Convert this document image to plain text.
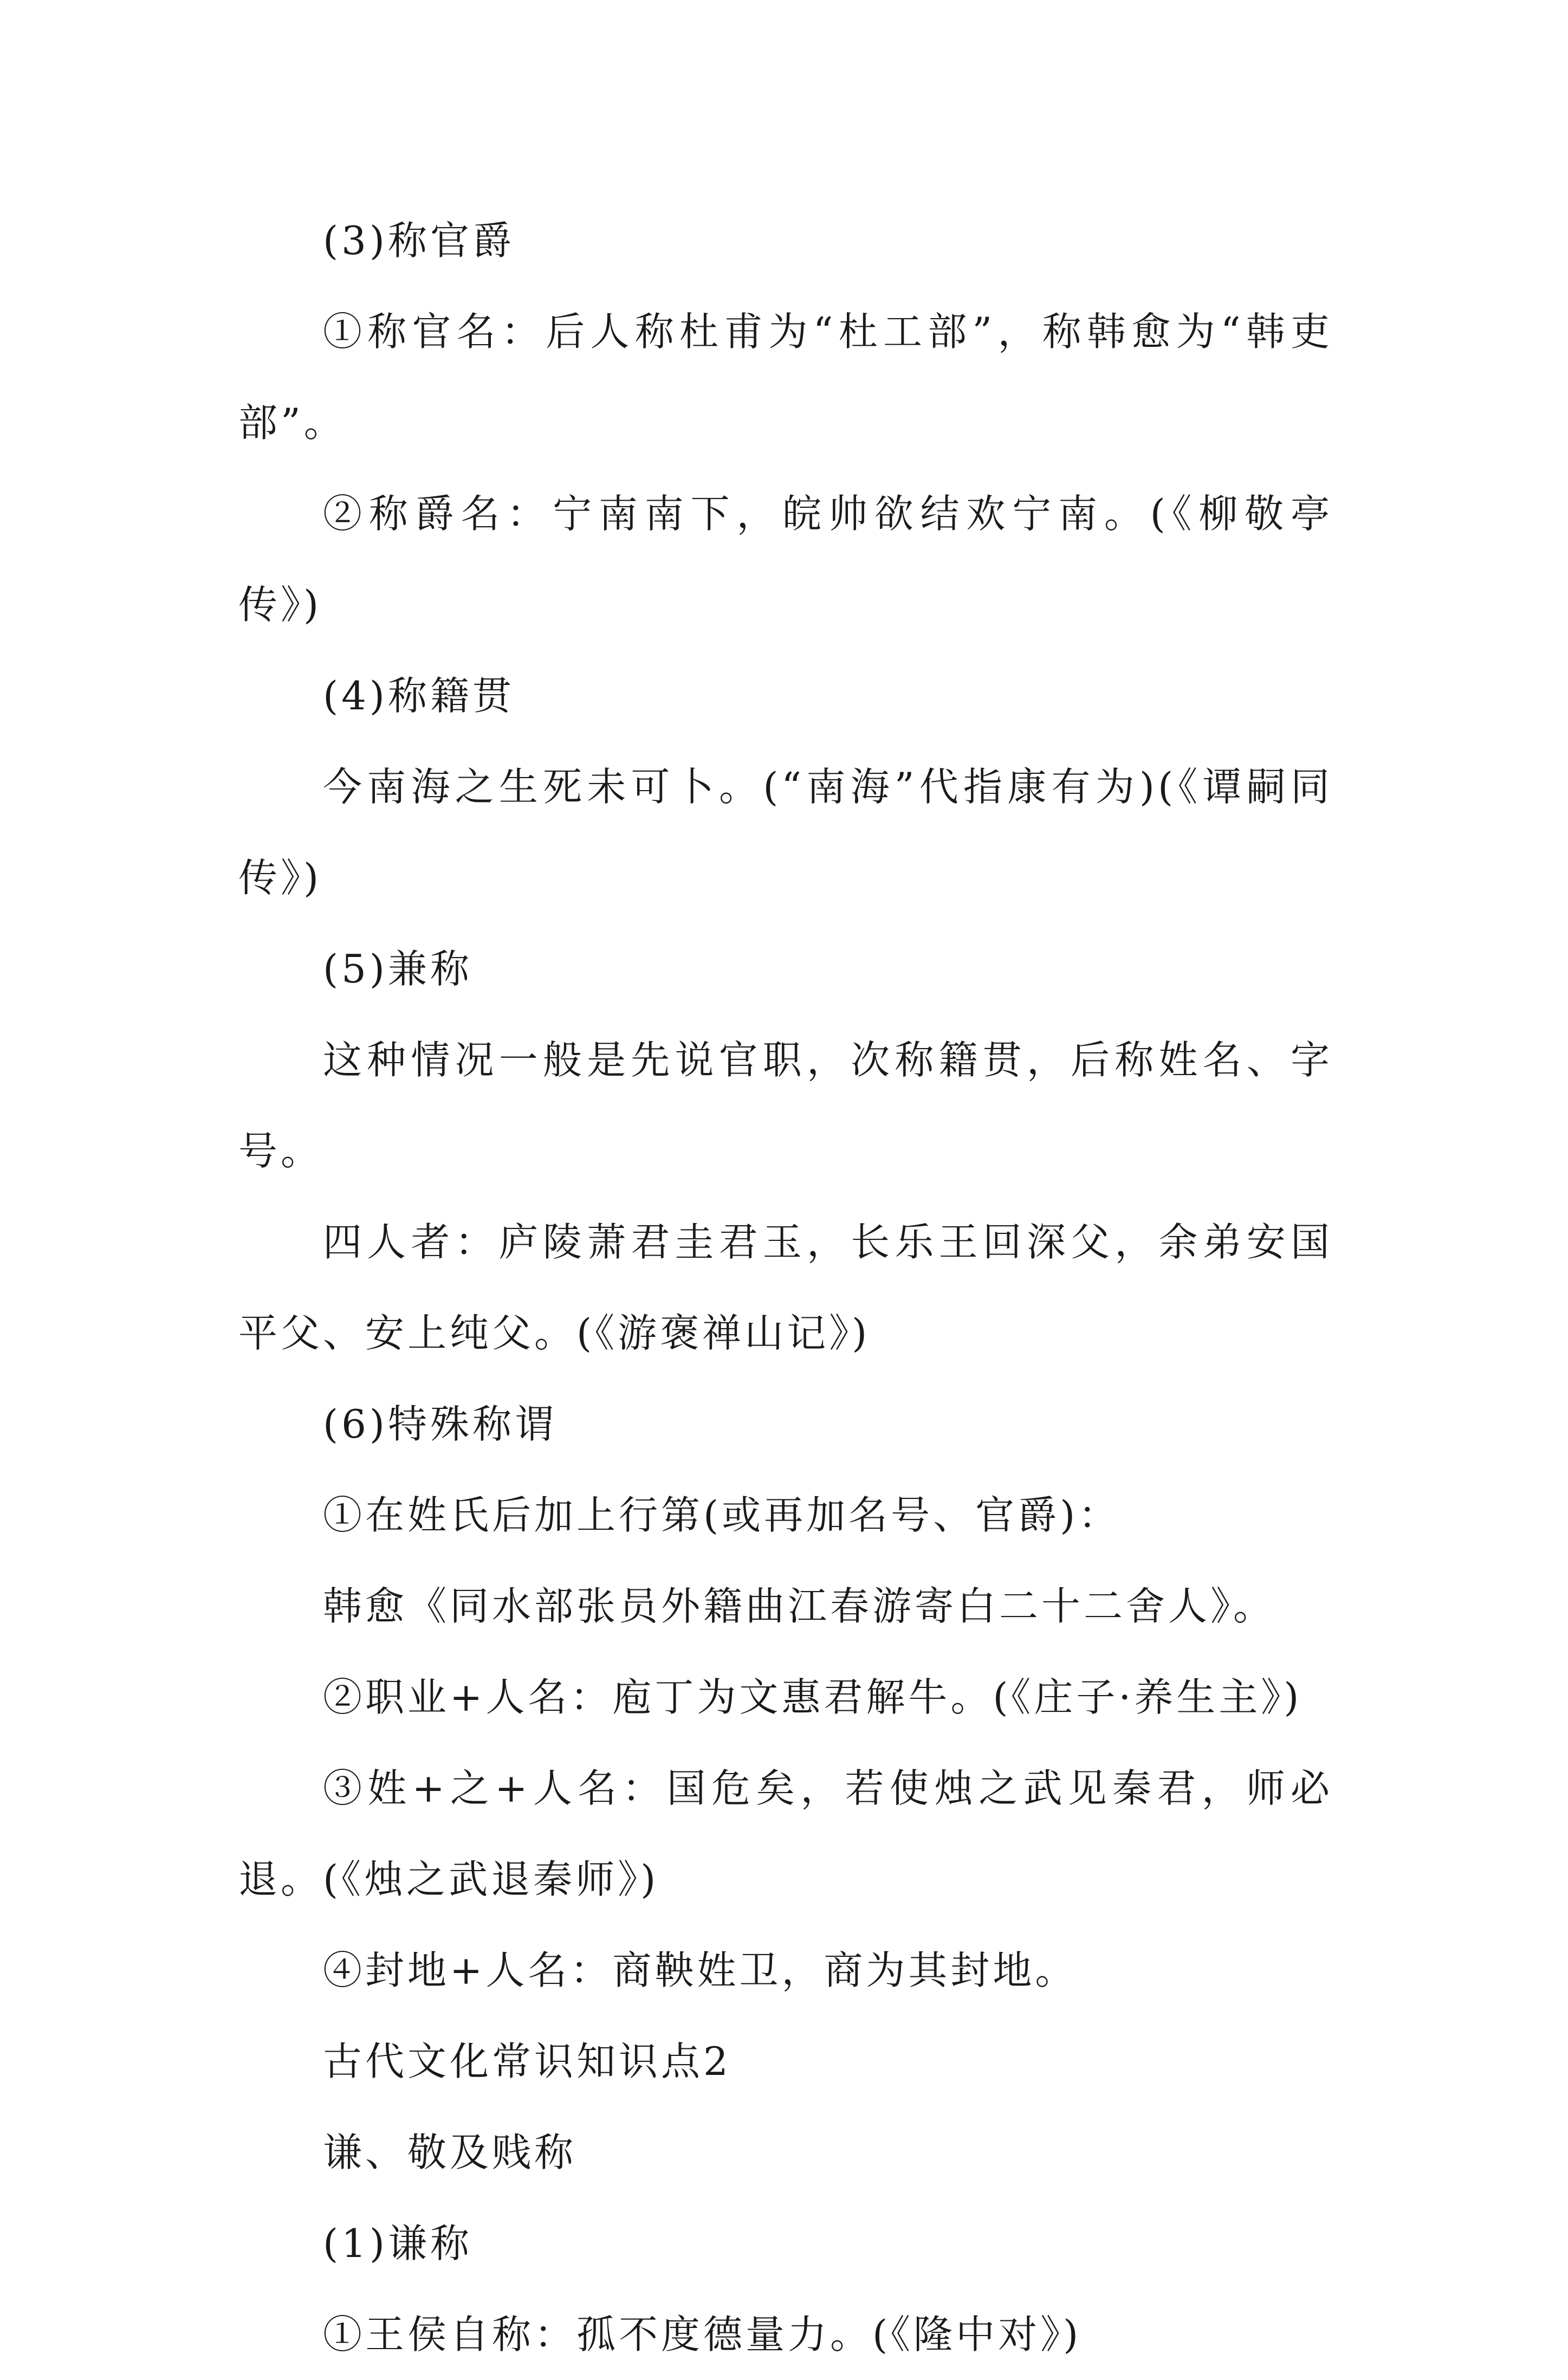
(3)称官爵

①称官名：后人称杜甫为“杜工部”，称韩愈为“韩吏部”。

②称爵名：宁南南下，皖帅欲结欢宁南。(《柳敬亭传》)

(4)称籍贯

今南海之生死未可卜。(“南海”代指康有为)(《谭嗣同传》)

(5)兼称

这种情况一般是先说官职，次称籍贯，后称姓名、字号。

四人者：庐陵萧君圭君玉，长乐王回深父，余弟安国平父、安上纯父。(《游褒禅山记》)

(6)特殊称谓

①在姓氏后加上行第(或再加名号、官爵)：

韩愈《同水部张员外籍曲江春游寄白二十二舍人》。

②职业+人名：庖丁为文惠君解牛。(《庄子·养生主》)

③姓+之+人名：国危矣，若使烛之武见秦君，师必退。(《烛之武退秦师》)

④封地+人名：商鞅姓卫，商为其封地。

古代文化常识知识点2

谦、敬及贱称

(1)谦称

①王侯自称：孤不度德量力。(《隆中对》)
